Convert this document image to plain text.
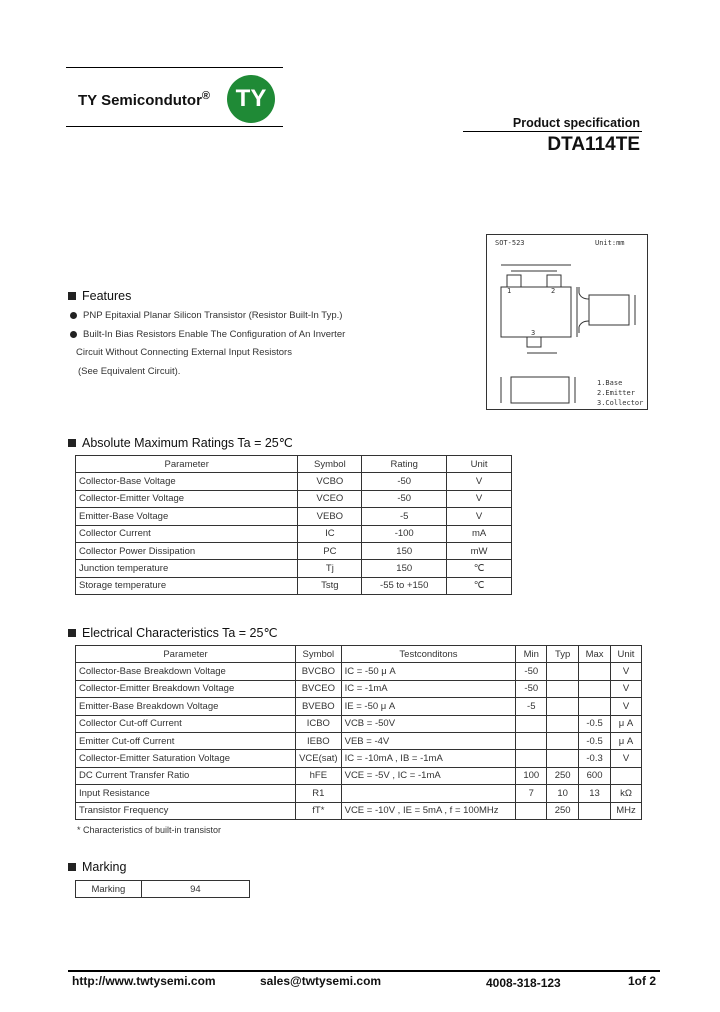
TY Semicondutor® TY
Product specification
DTA114TE
SOT-523	Unit:mm
1	2
3
1.Base
2.Emitter
3.Collector
Features
PNP Epitaxial Planar Silicon Transistor (Resistor Built-In Typ.)
Built-In Bias Resistors Enable The Configuration of An Inverter
Circuit Without Connecting External Input Resistors
(See Equivalent Circuit).
Absolute Maximum Ratings Ta = 25℃
Parameter	Symbol	Rating	Unit
Collector-Base Voltage	VCBO	-50	V
Collector-Emitter Voltage	VCEO	-50	V
Emitter-Base Voltage	VEBO	-5	V
Collector Current	IC	-100	mA
Collector Power Dissipation	PC	150	mW
Junction temperature	Tj	150	℃
Storage temperature	Tstg	-55 to +150	℃
Electrical Characteristics Ta = 25℃
Parameter	Symbol	Testconditons	Min	Typ	Max	Unit
Collector-Base Breakdown Voltage	BVCBO	IC = -50 μ A	-50			V
Collector-Emitter Breakdown Voltage	BVCEO	IC = -1mA	-50			V
Emitter-Base Breakdown Voltage	BVEBO	IE = -50 μ A	-5			V
Collector Cut-off Current	ICBO	VCB = -50V			-0.5	μ A
Emitter Cut-off Current	IEBO	VEB = -4V			-0.5	μ A
Collector-Emitter Saturation Voltage	VCE(sat)	IC = -10mA , IB = -1mA			-0.3	V
DC Current Transfer Ratio	hFE	VCE = -5V , IC = -1mA	100	250	600	
Input Resistance	R1		7	10	13	kΩ
Transistor Frequency	fT*	VCE = -10V , IE = 5mA , f = 100MHz		250		MHz
* Characteristics of built-in transistor
Marking
Marking	94
http://www.twtysemi.com	sales@twtysemi.com	4008-318-123	1of 2
